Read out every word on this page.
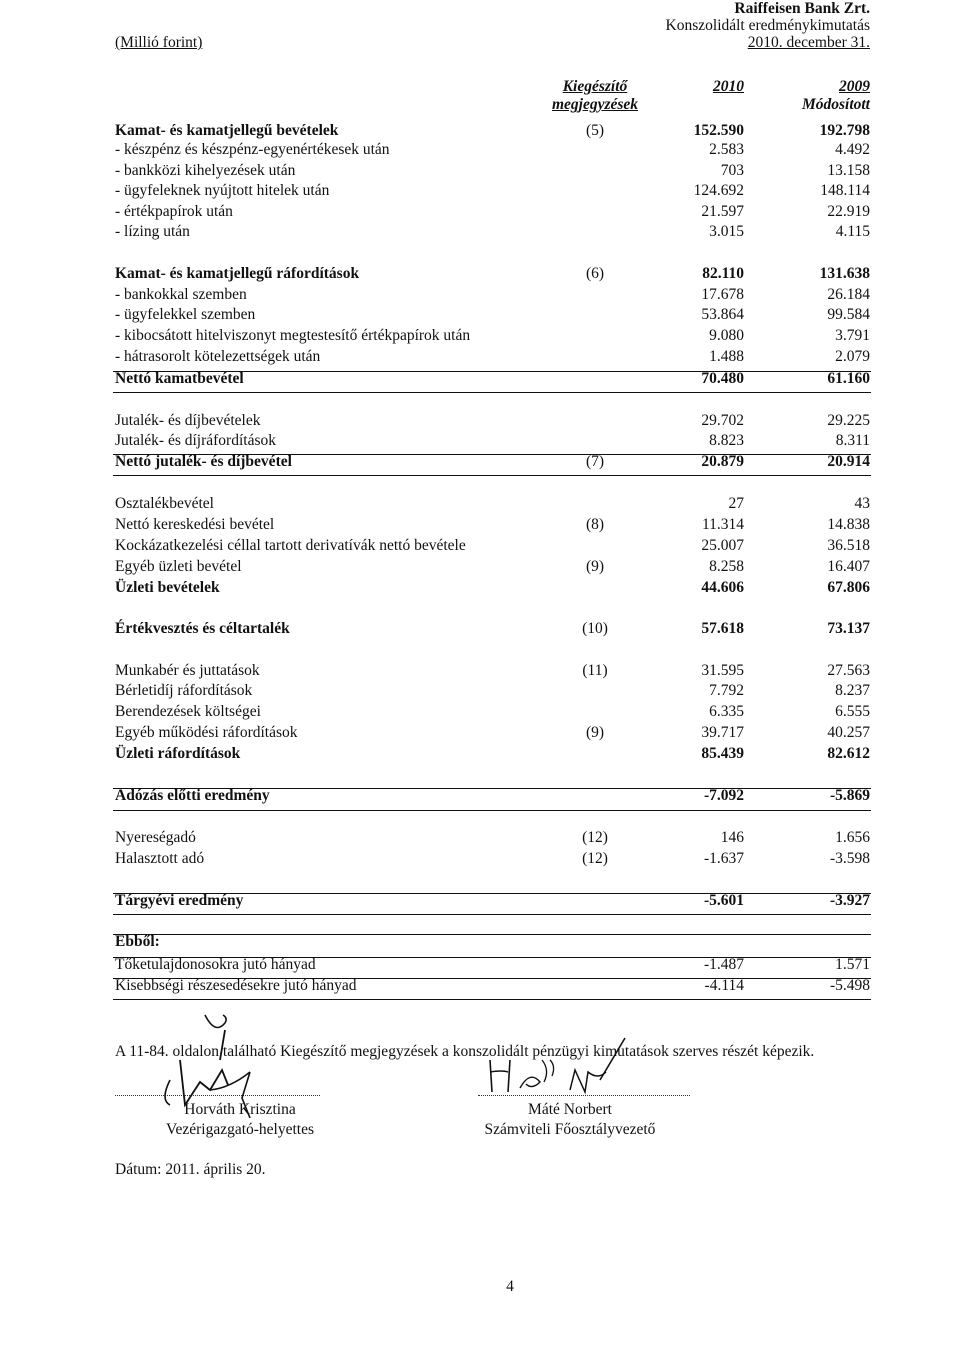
Raiffeisen Bank Zrt.
Konszolidált eredménykimutatás
2010. december 31.
(Millió forint)
Kiegészítő
megjegyzések
2010	2009
Módosított
Kamat- és kamatjellegű bevételek	(5)	152.590	192.798
- készpénz és készpénz-egyenértékesek után	2.583	4.492
- bankközi kihelyezések után	703	13.158
- ügyfeleknek nyújtott hitelek után	124.692	148.114
- értékpapírok után	21.597	22.919
- lízing után	3.015	4.115
Kamat- és kamatjellegű ráfordítások	(6)	82.110	131.638
- bankokkal szemben	17.678	26.184
- ügyfelekkel szemben	53.864	99.584
- kibocsátott hitelviszonyt megtestesítő értékpapírok után	9.080	3.791
- hátrasorolt kötelezettségek után	1.488	2.079
Nettó kamatbevétel	70.480	61.160
Jutalék- és díjbevételek	29.702	29.225
Jutalék- és díjráfordítások	8.823	8.311
Nettó jutalék- és díjbevétel	(7)	20.879	20.914
Osztalékbevétel	27	43
Nettó kereskedési bevétel	(8)	11.314	14.838
Kockázatkezelési céllal tartott derivatívák nettó bevétele	25.007	36.518
Egyéb üzleti bevétel	(9)	8.258	16.407
Üzleti bevételek	44.606	67.806
Értékvesztés és céltartalék	(10)	57.618	73.137
Munkabér és juttatások	(11)	31.595	27.563
Bérletidíj ráfordítások	7.792	8.237
Berendezések költségei	6.335	6.555
Egyéb működési ráfordítások	(9)	39.717	40.257
Üzleti ráfordítások	85.439	82.612
Adózás előtti eredmény	-7.092	-5.869
Nyereségadó	(12)	146	1.656
Halasztott adó	(12)	-1.637	-3.598
Tárgyévi eredmény	-5.601	-3.927
Ebből:
Tőketulajdonosokra jutó hányad	-1.487	1.571
Kisebbségi részesedésekre jutó hányad	-4.114	-5.498
A 11-84. oldalon található Kiegészítő megjegyzések a konszolidált pénzügyi kimutatások szerves részét képezik.
Horváth Krisztina
Vezérigazgató-helyettes
Máté Norbert
Számviteli Főosztályvezető
Dátum: 2011. április 20.
4
